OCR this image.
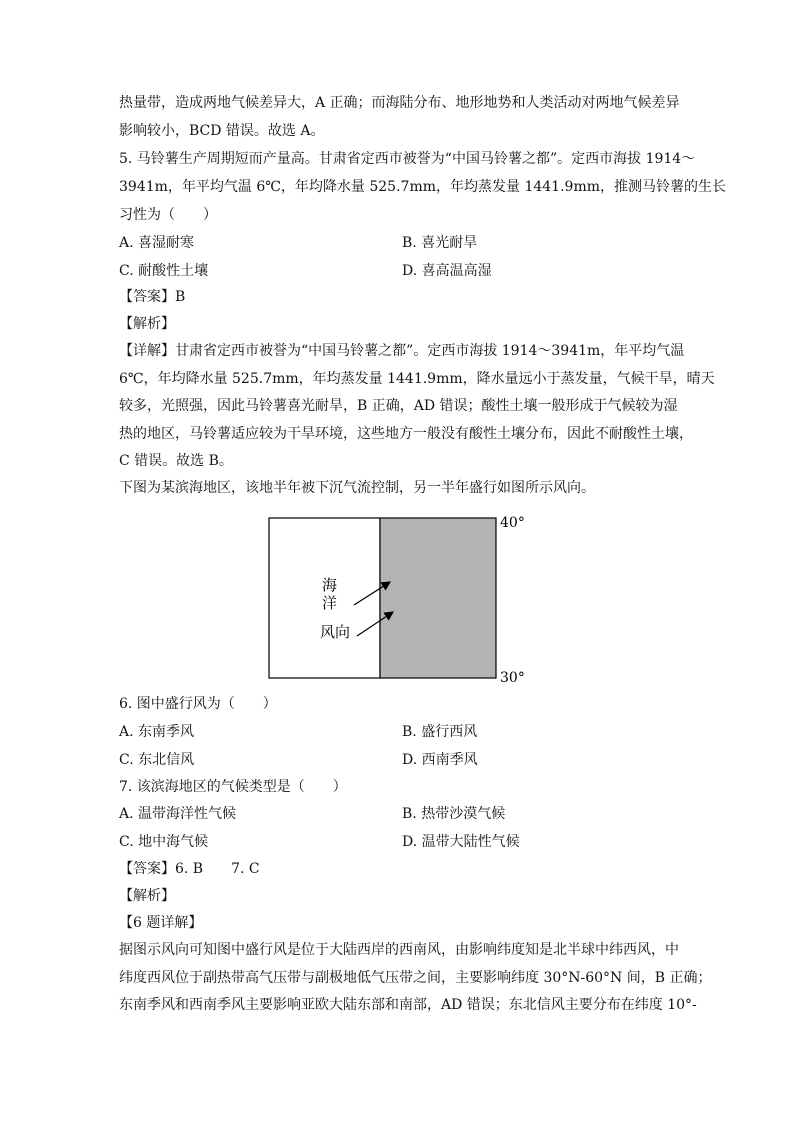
热量带，造成两地气候差异大，A 正确；而海陆分布、地形地势和人类活动对两地气候差异
影响较小，BCD 错误。故选 A。
5. 马铃薯生产周期短而产量高。甘肃省定西市被誉为“中国马铃薯之都”。定西市海拔 1914～
3941m，年平均气温 6℃，年均降水量 525.7mm，年均蒸发量 1441.9mm，推测马铃薯的生长
习性为（　　）
A. 喜湿耐寒	B. 喜光耐旱
C. 耐酸性土壤	D. 喜高温高湿
【答案】B
【解析】
【详解】甘肃省定西市被誉为“中国马铃薯之都”。定西市海拔 1914～3941m，年平均气温
6℃，年均降水量 525.7mm，年均蒸发量 1441.9mm，降水量远小于蒸发量，气候干旱，晴天
较多，光照强，因此马铃薯喜光耐旱，B 正确，AD 错误；酸性土壤一般形成于气候较为湿
热的地区，马铃薯适应较为干旱环境，这些地方一般没有酸性土壤分布，因此不耐酸性土壤，
C 错误。故选 B。
下图为某滨海地区，该地半年被下沉气流控制，另一半年盛行如图所示风向。
海
洋
风向
40°
30°
6. 图中盛行风为（　　）
A. 东南季风	B. 盛行西风
C. 东北信风	D. 西南季风
7. 该滨海地区的气候类型是（　　）
A. 温带海洋性气候	B. 热带沙漠气候
C. 地中海气候	D. 温带大陆性气候
【答案】6. B　　7. C
【解析】
【6 题详解】
据图示风向可知图中盛行风是位于大陆西岸的西南风，由影响纬度知是北半球中纬西风，中
纬度西风位于副热带高气压带与副极地低气压带之间，主要影响纬度 30°N-60°N 间，B 正确；
东南季风和西南季风主要影响亚欧大陆东部和南部，AD 错误；东北信风主要分布在纬度 10°-
